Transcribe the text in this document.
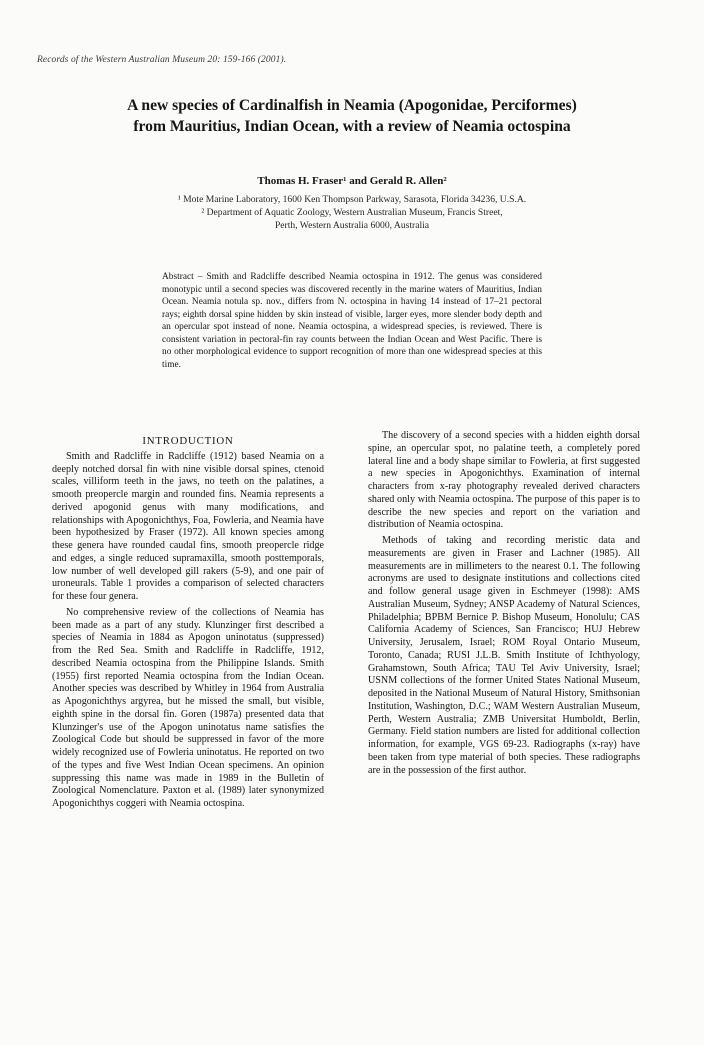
Records of the Western Australian Museum 20: 159-166 (2001).
A new species of Cardinalfish in Neamia (Apogonidae, Perciformes)
from Mauritius, Indian Ocean, with a review of Neamia octospina
Thomas H. Fraser¹ and Gerald R. Allen²
¹ Mote Marine Laboratory, 1600 Ken Thompson Parkway, Sarasota, Florida 34236, U.S.A.
² Department of Aquatic Zoology, Western Australian Museum, Francis Street,
Perth, Western Australia 6000, Australia
Abstract – Smith and Radcliffe described Neamia octospina in 1912. The genus was considered monotypic until a second species was discovered recently in the marine waters of Mauritius, Indian Ocean. Neamia notula sp. nov., differs from N. octospina in having 14 instead of 17–21 pectoral rays; eighth dorsal spine hidden by skin instead of visible, larger eyes, more slender body depth and an opercular spot instead of none. Neamia octospina, a widespread species, is reviewed. There is consistent variation in pectoral-fin ray counts between the Indian Ocean and West Pacific. There is no other morphological evidence to support recognition of more than one widespread species at this time.
INTRODUCTION

Smith and Radcliffe in Radcliffe (1912) based Neamia on a deeply notched dorsal fin with nine visible dorsal spines, ctenoid scales, villiform teeth in the jaws, no teeth on the palatines, a smooth preopercle margin and rounded fins. Neamia represents a derived apogonid genus with many modifications, and relationships with Apogonichthys, Foa, Fowleria, and Neamia have been hypothesized by Fraser (1972). All known species among these genera have rounded caudal fins, smooth preopercle ridge and edges, a single reduced supramaxilla, smooth posttemporals, low number of well developed gill rakers (5-9), and one pair of uroneurals. Table 1 provides a comparison of selected characters for these four genera.

No comprehensive review of the collections of Neamia has been made as a part of any study. Klunzinger first described a species of Neamia in 1884 as Apogon uninotatus (suppressed) from the Red Sea. Smith and Radcliffe in Radcliffe, 1912, described Neamia octospina from the Philippine Islands. Smith (1955) first reported Neamia octospina from the Indian Ocean. Another species was described by Whitley in 1964 from Australia as Apogonichthys argyrea, but he missed the small, but visible, eighth spine in the dorsal fin. Goren (1987a) presented data that Klunzinger's use of the Apogon uninotatus name satisfies the Zoological Code but should be suppressed in favor of the more widely recognized use of Fowleria uninotatus. He reported on two of the types and five West Indian Ocean specimens. An opinion suppressing this name was made in 1989 in the Bulletin of Zoological Nomenclature. Paxton et al. (1989) later synonymized Apogonichthys coggeri with Neamia octospina.

The discovery of a second species with a hidden eighth dorsal spine, an opercular spot, no palatine teeth, a completely pored lateral line and a body shape similar to Fowleria, at first suggested a new species in Apogonichthys. Examination of internal characters from x-ray photography revealed derived characters shared only with Neamia octospina. The purpose of this paper is to describe the new species and report on the variation and distribution of Neamia octospina.

Methods of taking and recording meristic data and measurements are given in Fraser and Lachner (1985). All measurements are in millimeters to the nearest 0.1. The following acronyms are used to designate institutions and collections cited and follow general usage given in Eschmeyer (1998): AMS Australian Museum, Sydney; ANSP Academy of Natural Sciences, Philadelphia; BPBM Bernice P. Bishop Museum, Honolulu; CAS California Academy of Sciences, San Francisco; HUJ Hebrew University, Jerusalem, Israel; ROM Royal Ontario Museum, Toronto, Canada; RUSI J.L.B. Smith Institute of Ichthyology, Grahamstown, South Africa; TAU Tel Aviv University, Israel; USNM collections of the former United States National Museum, deposited in the National Museum of Natural History, Smithsonian Institution, Washington, D.C.; WAM Western Australian Museum, Perth, Western Australia; ZMB Universitat Humboldt, Berlin, Germany. Field station numbers are listed for additional collection information, for example, VGS 69-23. Radiographs (x-ray) have been taken from type material of both species. These radiographs are in the possession of the first author.
